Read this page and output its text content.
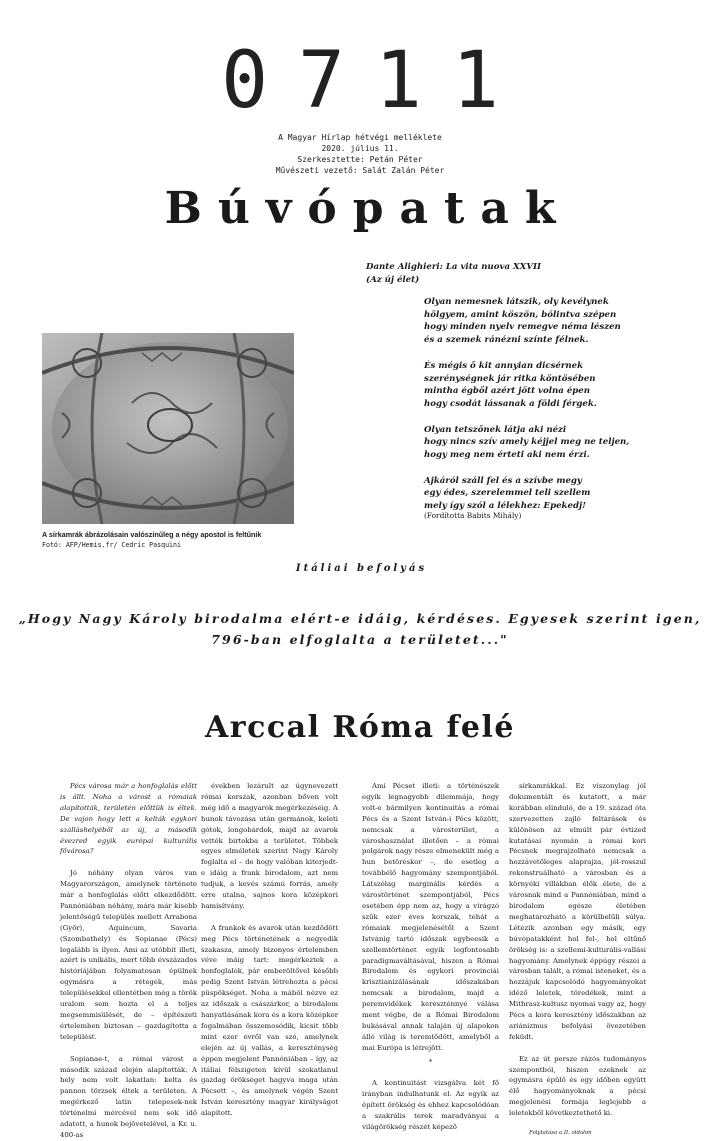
0711
A Magyar Hírlap hétvégi melléklete
2020. július 11.
Szerkesztette: Petán Péter
Művészeti vezető: Salát Zalán Péter
Búvópatak
Dante Alighieri: La vita nuova XXVII
(Az új élet)
Olyan nemesnek látszik, oly kevélynek
hölgyem, amint köszön, bólintva szépen
hogy minden nyelv remegve néma lészen
és a szemek ránézni színte félnek.
És mégis ő kit annyian dicsérnek
szerénységnek jár ritka köntösében
mintha égből azért jött volna épen
hogy csodát lássanak a földi férgek.
Olyan tetszőnek látja aki nézi
hogy nincs szív amely kéjjel meg ne teljen,
hogy meg nem érteti aki nem érzi.
Ajkáról száll fel és a szívbe megy
egy édes, szerelemmel teli szellem
mely így szól a lélekhez: Epekedj!
(Fordította Babits Mihály)
A sírkamrák ábrázolásain valószínűleg a négy apostol is feltűnik
Fotó: AFP/Hemis.fr/ Cedric Pasquini
Itáliai befolyás
„Hogy Nagy Károly birodalma elért-e idáig, kérdéses. Egyesek szerint igen,
796-ban elfoglalta a területet..."
Arccal Róma felé

Pécs városa már a honfoglalás előtt is állt. Noha a várost a rómaiak alapították, területén előttük is éltek. De vajon hogy lett a kelták egykori szálláshelyéből az új, a második évezred egyik európai kulturális fővárosa?

Jó néhány olyan város van Magyarországon, amelynek története már a honfoglalás előtt elkezdődött. Pannóniában néhány, mára már kisebb jelentőségű település mellett Arrabona (Győr), Aquincum, Savaria (Szombathely) és Sopianae (Pécs) legalább is ilyen. Ami az utóbbit illeti, azért is unikális, mert több évszázados históriájában folyamatosan épülnek egymásra a rétegek, más településekkel ellentétben még a török uralom sem hozta el a teljes megsemmisülését, de – építészeti értelemben biztosan – gazdagította a települést.

Sopianae-t, a római várost a második század elején alapították. A hely nem volt lakatlan: kelta és pannon törzsek éltek a területen. A megérkező latin telepesek-nek történelmi mércével nem sok idő adatott, a hunok bejövetelével, a Kr. u. 400-as

években lezárult az úgynevezett római korszak, azonban bőven volt még idő a magyarok megérkezéséig. A hunok távozása után germánok, keleti gótok, longobárdok, majd az avarok vették birtokba a területet. Többek egyes elméletek szerint Nagy Károly foglalta el – de hogy valóban kiterjedt-e idáig a frank birodalom, azt nem tudjuk, a kevés számú forrás, amely erre utalna, sajnos kora középkori hamisítvány.

A frankok és avarok után kezdődött meg Pécs történetének a negyedik szakasza, amely bizonyos értelemben véve máig tart: megérkeztek a honfoglalók, pár emberöltővel később pedig Szent István létrehozta a pécsi püspökséget. Noha a mából nézve ez az időszak a császárkor, a birodalom hanyatlásának kora és a kora középkor fogalmában összemosódik, kicsit több mint ezer évről van szó, amelynek elején az új vallás, a kereszténység éppen megjelent Pannóniában – így, az itáliai félszigeten kívül szokatlanul gazdag örökséget hagyva maga után Pécsett –, és amelynek végén Szent István keresztény magyar királyságot alapított.

Ami Pécset illeti: a történészek egyik legnagyobb dilemmája, hogy volt-e bármilyen kontinuitás a római Pécs és a Szent István-i Pécs között, nemcsak a városterület, a városhasználat illetően – a római polgárok nagy része elmenekült még a hun betöréskor –, de esetleg a továbbélő hagyomány szempontjából. Látszólag marginális kérdés a várostörténet szempontjából, Pécs esetében épp nem az, hogy a virágzó szűk ezer éves korszak, tehát a rómaiak megjelenésétől a Szent Istvánig tartó időszak egybeesik a szellemtörténet egyik legfontosabb paradigmaváltásával, hiszen a Római Birodalom és egykori provinciái krisztianizálásának időszakában nemcsak a birodalom, majd a peremvidékek kereszténnyé válása ment végbe, de a Római Birodalom bukásával annak talaján új alapokon álló világ is teremtődött, amelyből a mai Európa is létrejött.

*

A kontinuitást vizsgálva két fő irányban indulhatunk el. Az egyik az épített örökség és ehhez kapcsolódóan a szakrális terek maradványai a világörökség részét képező

sírkamrákkal. Ez viszonylag jól dokumentált és kutatott, a már korábban elinduló, de a 19. század óta szervezetten zajló feltárások és különösen az elmúlt pár évtized kutatásai nyomán a római kori Pécsnek megrajzolható nemcsak a hozzávetőleges alaprajza, jól-rosszul rekonstruálható a városban és a környéki villákban élők élete, de a városnak mind a Pannóniában, mind a birodalom egésze életében meghatározható a körülbelüli súlya. Létezik azonban egy másik, egy búvópatakként hol fel-, hol eltűnő örökség is: a szellemi-kulturális-vallási hagyomány. Amelynek éppúgy részei a városban talált, a római isteneket, és a hozzájuk kapcsolódó hagyományokat idéző leletek, töredékek, mint a Mithrasz-kultusz nyomai vagy az, hogy Pécs a kora keresztény időszakban az ariánizmus befolyási övezetében feküdt.

Ez az út persze rázós tudományos szempontból, hiszen ezeknek az egymásra épülő és egy időben együtt élő hagyományoknak a pécsi megjelenési formája leglejebb a leletekből következtethető ki.

Folytatása a II. oldalon
